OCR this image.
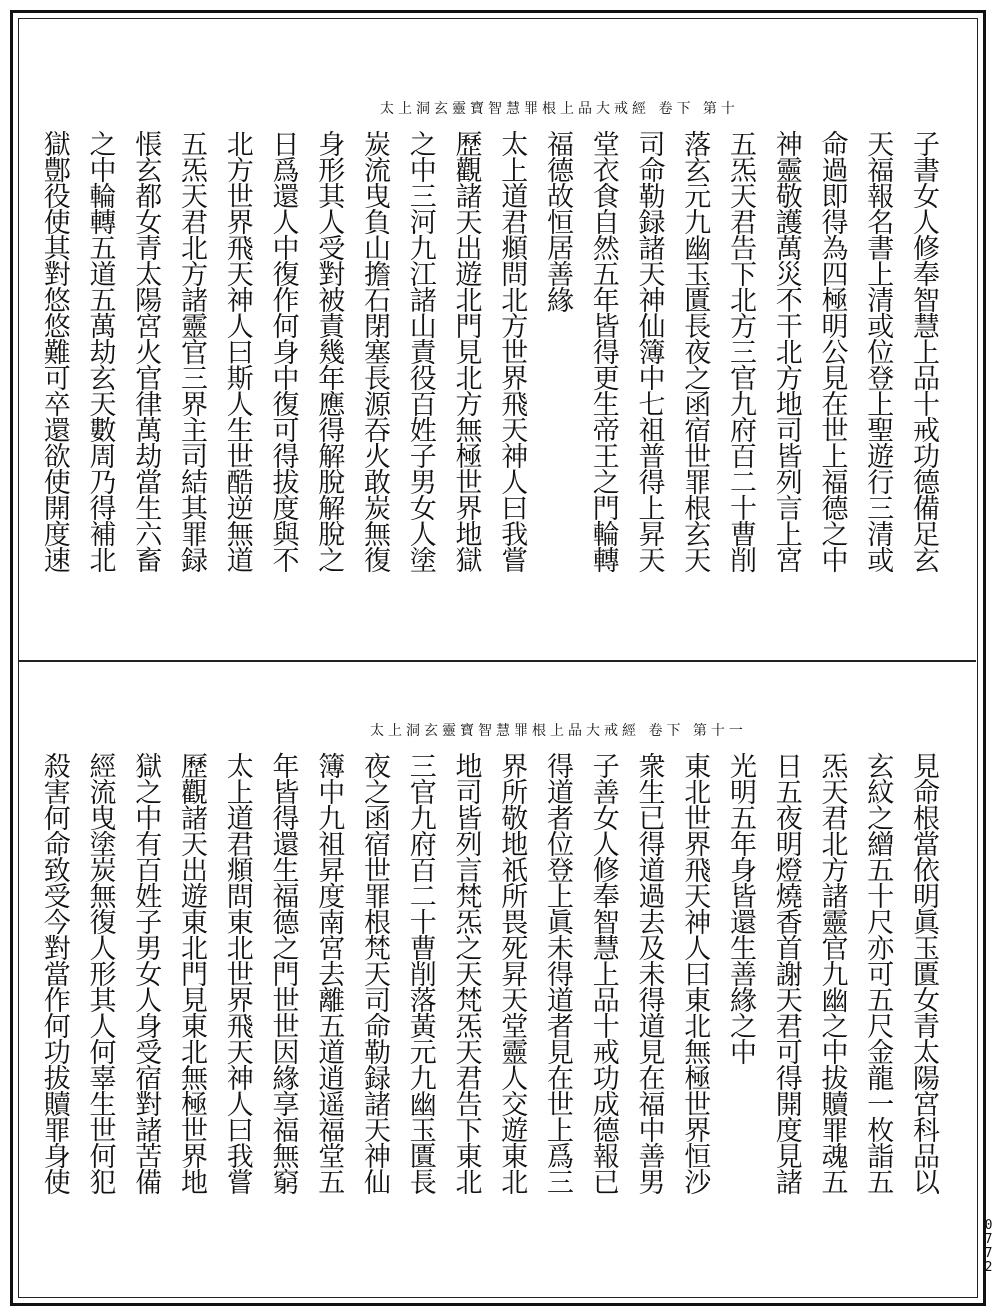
太上洞玄靈寶智慧罪根上品大戒經 卷下 第十
子書女人修奉智慧上品十戒功德備足玄
天福報名書上清或位登上聖遊行三清或
命過即得為四極明公見在世上福德之中
神靈敬護萬災不干北方地司皆列言上宮
五炁天君告下北方三官九府百二十曹削
落玄元九幽玉匱長夜之函宿世罪根玄天
司命勒録諸天神仙簿中七祖普得上昇天
堂衣食自然五年皆得更生帝王之門輪轉
福德故恒居善緣
太上道君頫問北方世界飛天神人曰我嘗
歷觀諸天出遊北門見北方無極世界地獄
之中三河九江諸山責役百姓子男女人塗
炭流曳負山擔石閉塞長源吞火敢炭無復
身形其人受對被責幾年應得解脫解脫之
日爲還人中復作何身中復可得拔度與不
北方世界飛天神人曰斯人生世酷逆無道
五炁天君北方諸靈官三界主司結其罪録
悵玄都女青太陽宮火官律萬劫當生六畜
之中輪轉五道五萬劫玄天數周乃得補北
獄鄷役使其對悠悠難可卒還欲使開度速
太上洞玄靈寶智慧罪根上品大戒經 卷下 第十一
見命根當依明眞玉匱女青太陽宮科品以
玄紋之繒五十尺亦可五尺金龍一枚詣五
炁天君北方諸靈官九幽之中拔贖罪魂五
日五夜明燈燒香首謝天君可得開度見諸
光明五年身皆還生善緣之中
東北世界飛天神人曰東北無極世界恒沙
衆生已得道過去及未得道見在福中善男
子善女人修奉智慧上品十戒功成德報已
得道者位登上眞未得道者見在世上爲三
界所敬地祇所畏死昇天堂靈人交遊東北
地司皆列言梵炁之天梵炁天君告下東北
三官九府百二十曹削落黃元九幽玉匱長
夜之函宿世罪根梵天司命勒録諸天神仙
簿中九祖昇度南宮去離五道逍遥福堂五
年皆得還生福德之門世世因緣享福無窮
太上道君頫問東北世界飛天神人曰我嘗
歷觀諸天出遊東北門見東北無極世界地
獄之中有百姓子男女人身受宿對諸苦備
經流曳塗炭無復人形其人何辜生世何犯
殺害何命致受今對當作何功拔贖罪身使
0772
